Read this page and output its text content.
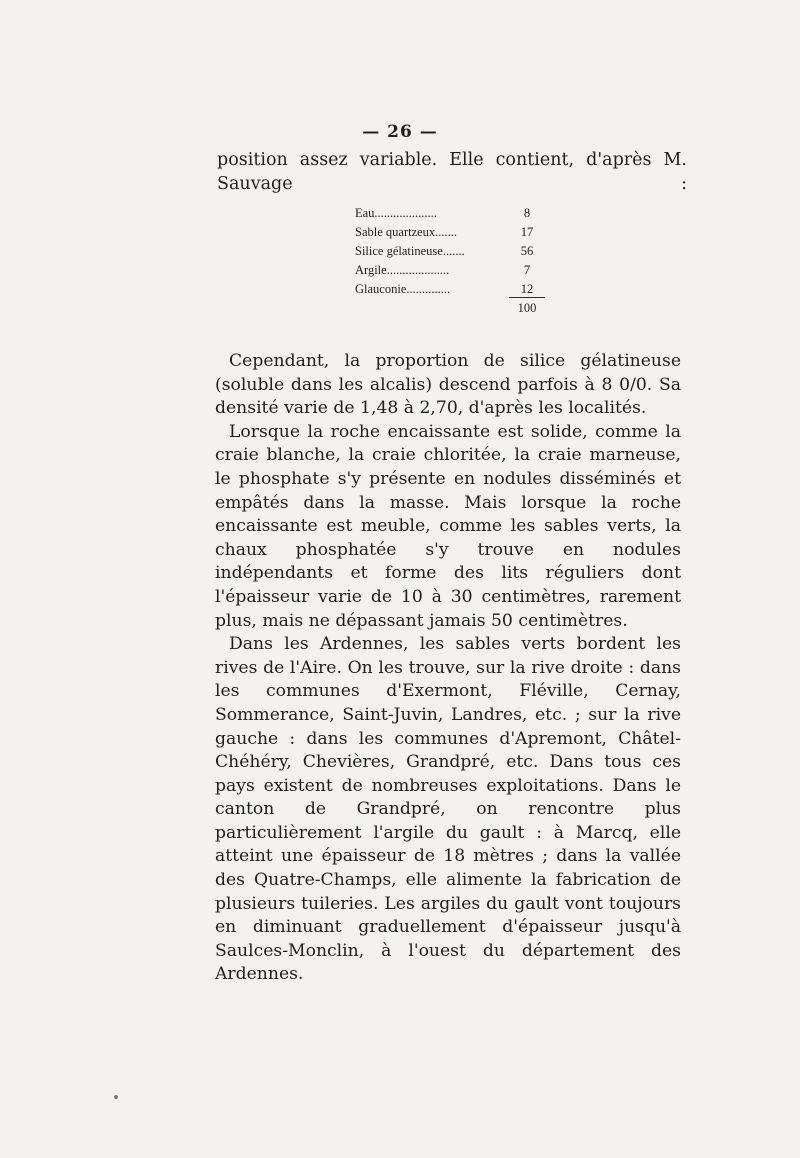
— 26 —
position assez variable. Elle contient, d'après M. Sauvage :
Eau....................	8
Sable quartzeux.......	17
Silice gélatineuse.......	56
Argile....................	7
Glauconie..............	12
100

Cependant, la proportion de silice gélatineuse (soluble dans les alcalis) descend parfois à 8 0/0. Sa densité varie de 1,48 à 2,70, d'après les localités.

Lorsque la roche encaissante est solide, comme la craie blanche, la craie chloritée, la craie marneuse, le phosphate s'y présente en nodules disséminés et empâtés dans la masse. Mais lorsque la roche encaissante est meuble, comme les sables verts, la chaux phosphatée s'y trouve en nodules indépendants et forme des lits réguliers dont l'épaisseur varie de 10 à 30 centimètres, rarement plus, mais ne dépassant jamais 50 centimètres.

Dans les Ardennes, les sables verts bordent les rives de l'Aire. On les trouve, sur la rive droite : dans les communes d'Exermont, Fléville, Cernay, Sommerance, Saint-Juvin, Landres, etc. ; sur la rive gauche : dans les communes d'Apremont, Châtel-Chéhéry, Chevières, Grandpré, etc. Dans tous ces pays existent de nombreuses exploitations. Dans le canton de Grandpré, on rencontre plus particulièrement l'argile du gault : à Marcq, elle atteint une épaisseur de 18 mètres ; dans la vallée des Quatre-Champs, elle alimente la fabrication de plusieurs tuileries. Les argiles du gault vont toujours en diminuant graduellement d'épaisseur jusqu'à Saulces-Monclin, à l'ouest du département des Ardennes.
